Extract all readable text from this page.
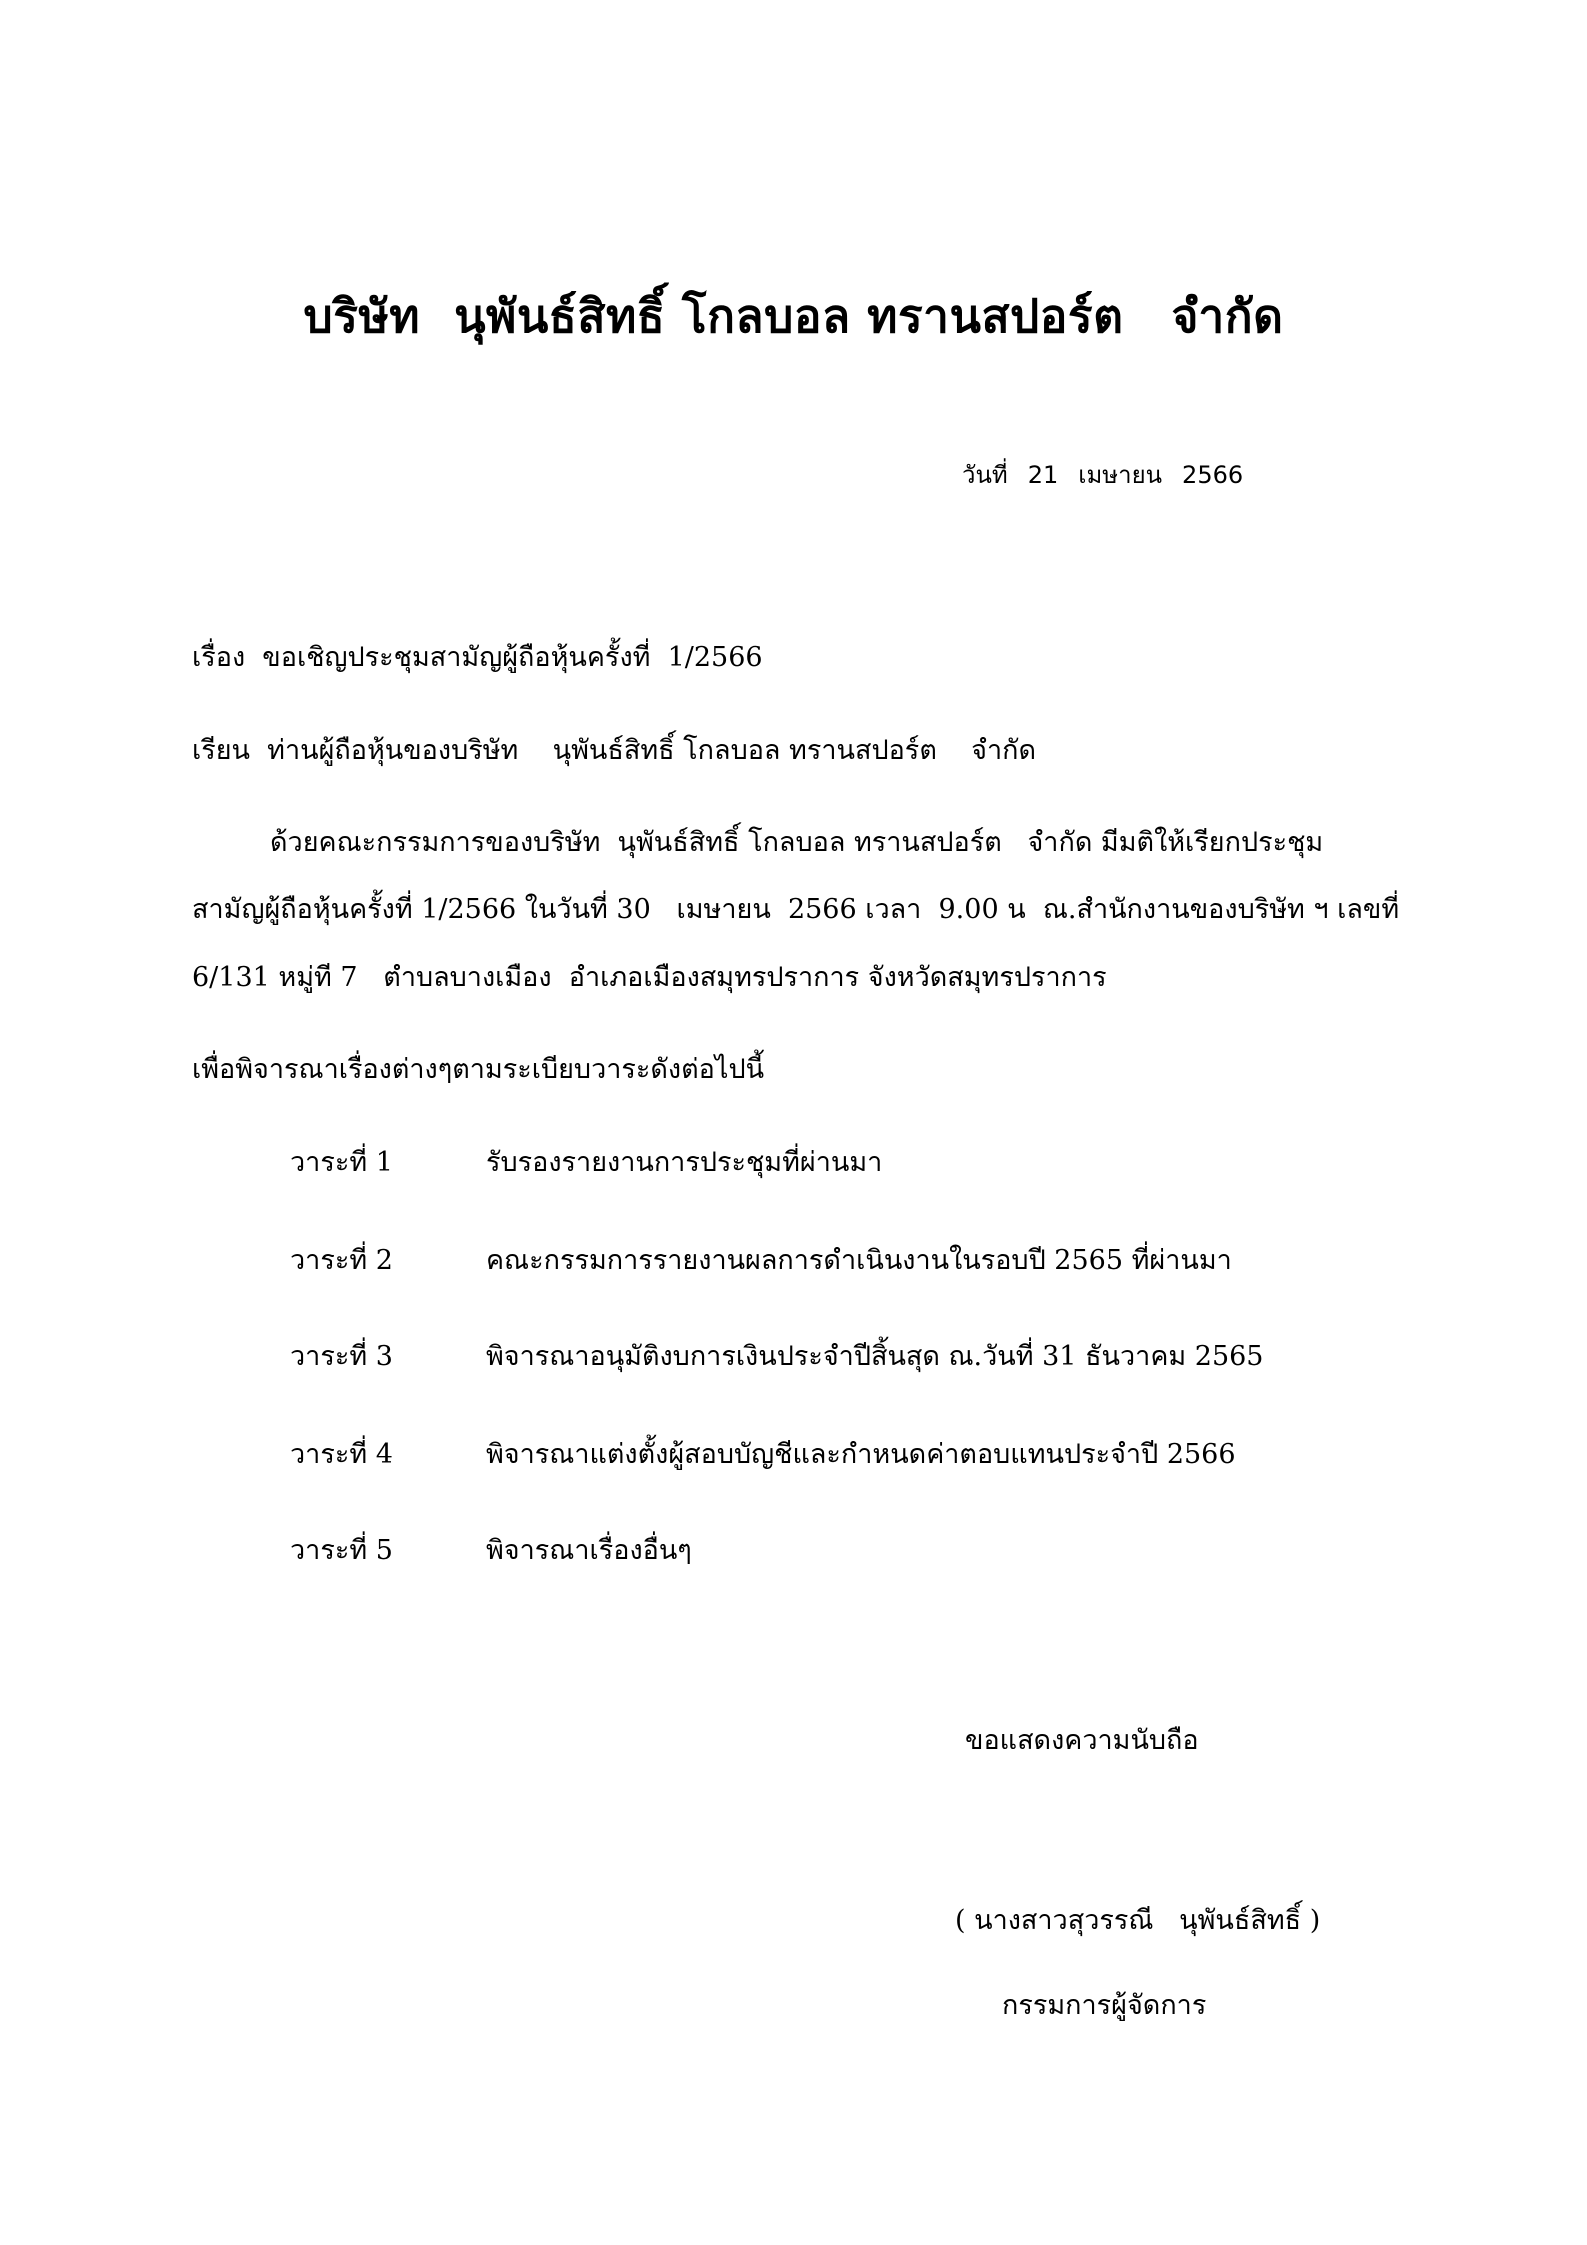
บริษัท นุพันธ์สิทธิ์ โกลบอล ทรานสปอร์ต จำกัด
วันที่ 21 เมษายน 2566
เรื่อง  ขอเชิญประชุมสามัญผู้ถือหุ้นครั้งที่  1/2566
เรียน  ท่านผู้ถือหุ้นของบริษัท    นุพันธ์สิทธิ์ โกลบอล ทรานสปอร์ต    จำกัด
ด้วยคณะกรรมการของบริษัท  นุพันธ์สิทธิ์ โกลบอล ทรานสปอร์ต   จำกัด มีมติให้เรียกประชุม
สามัญผู้ถือหุ้นครั้งที่ 1/2566 ในวันที่ 30   เมษายน  2566 เวลา  9.00 น  ณ.สำนักงานของบริษัท ฯ เลขที่
6/131 หมู่ที 7   ตำบลบางเมือง  อำเภอเมืองสมุทรปราการ จังหวัดสมุทรปราการ
เพื่อพิจารณาเรื่องต่างๆตามระเบียบวาระดังต่อไปนี้
วาระที่ 1	รับรองรายงานการประชุมที่ผ่านมา
วาระที่ 2	คณะกรรมการรายงานผลการดำเนินงานในรอบปี 2565 ที่ผ่านมา
วาระที่ 3	พิจารณาอนุมัติงบการเงินประจำปีสิ้นสุด ณ.วันที่ 31 ธันวาคม 2565
วาระที่ 4	พิจารณาแต่งตั้งผู้สอบบัญชีและกำหนดค่าตอบแทนประจำปี 2566
วาระที่ 5	พิจารณาเรื่องอื่นๆ
ขอแสดงความนับถือ
( นางสาวสุวรรณี   นุพันธ์สิทธิ์ )
กรรมการผู้จัดการ
